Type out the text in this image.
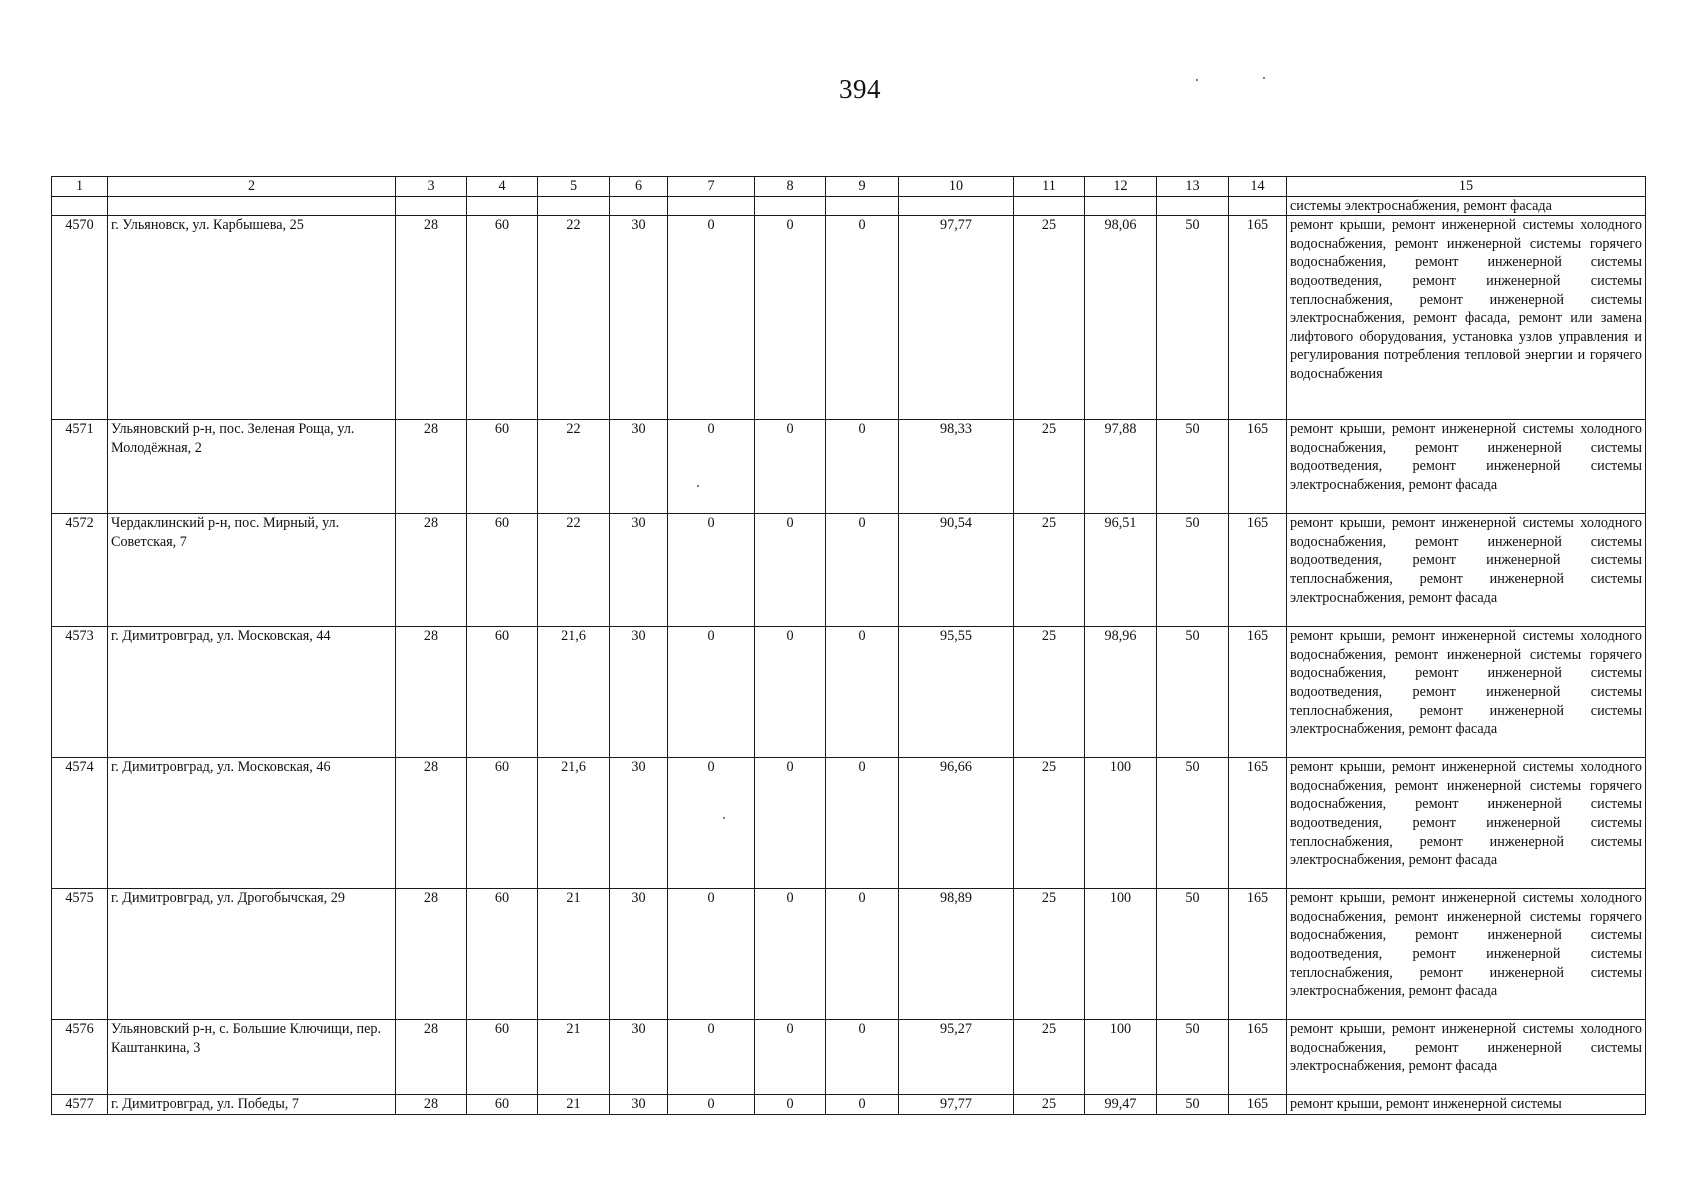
394
1	2	3	4	5	6	7	8	9	10	11	12	13	14	15
														системы электроснабжения, ремонт фасада
4570	г. Ульяновск, ул. Карбышева, 25	28	60	22	30	0	0	0	97,77	25	98,06	50	165	ремонт крыши, ремонт инженерной системы холодного водоснабжения, ремонт инженерной системы горячего водоснабжения, ремонт инженерной системы водоотведения, ремонт инженерной системы теплоснабжения, ремонт инженерной системы электроснабжения, ремонт фасада, ремонт или замена лифтового оборудования, установка узлов управления и регулирования потребления тепловой энергии и горячего водоснабжения
4571	Ульяновский р-н, пос. Зеленая Роща, ул. Молодёжная, 2	28	60	22	30	0	0	0	98,33	25	97,88	50	165	ремонт крыши, ремонт инженерной системы холодного водоснабжения, ремонт инженерной системы водоотведения, ремонт инженерной системы электроснабжения, ремонт фасада
4572	Чердаклинский р-н, пос. Мирный, ул. Советская, 7	28	60	22	30	0	0	0	90,54	25	96,51	50	165	ремонт крыши, ремонт инженерной системы холодного водоснабжения, ремонт инженерной системы водоотведения, ремонт инженерной системы теплоснабжения, ремонт инженерной системы электроснабжения, ремонт фасада
4573	г. Димитровград, ул. Московская, 44	28	60	21,6	30	0	0	0	95,55	25	98,96	50	165	ремонт крыши, ремонт инженерной системы холодного водоснабжения, ремонт инженерной системы горячего водоснабжения, ремонт инженерной системы водоотведения, ремонт инженерной системы теплоснабжения, ремонт инженерной системы электроснабжения, ремонт фасада
4574	г. Димитровград, ул. Московская, 46	28	60	21,6	30	0	0	0	96,66	25	100	50	165	ремонт крыши, ремонт инженерной системы холодного водоснабжения, ремонт инженерной системы горячего водоснабжения, ремонт инженерной системы водоотведения, ремонт инженерной системы теплоснабжения, ремонт инженерной системы электроснабжения, ремонт фасада
4575	г. Димитровград, ул. Дрогобычская, 29	28	60	21	30	0	0	0	98,89	25	100	50	165	ремонт крыши, ремонт инженерной системы холодного водоснабжения, ремонт инженерной системы горячего водоснабжения, ремонт инженерной системы водоотведения, ремонт инженерной системы теплоснабжения, ремонт инженерной системы электроснабжения, ремонт фасада
4576	Ульяновский р-н, с. Большие Ключищи, пер. Каштанкина, 3	28	60	21	30	0	0	0	95,27	25	100	50	165	ремонт крыши, ремонт инженерной системы холодного водоснабжения, ремонт инженерной системы электроснабжения, ремонт фасада
4577	г. Димитровград, ул. Победы, 7	28	60	21	30	0	0	0	97,77	25	99,47	50	165	ремонт крыши, ремонт инженерной системы
